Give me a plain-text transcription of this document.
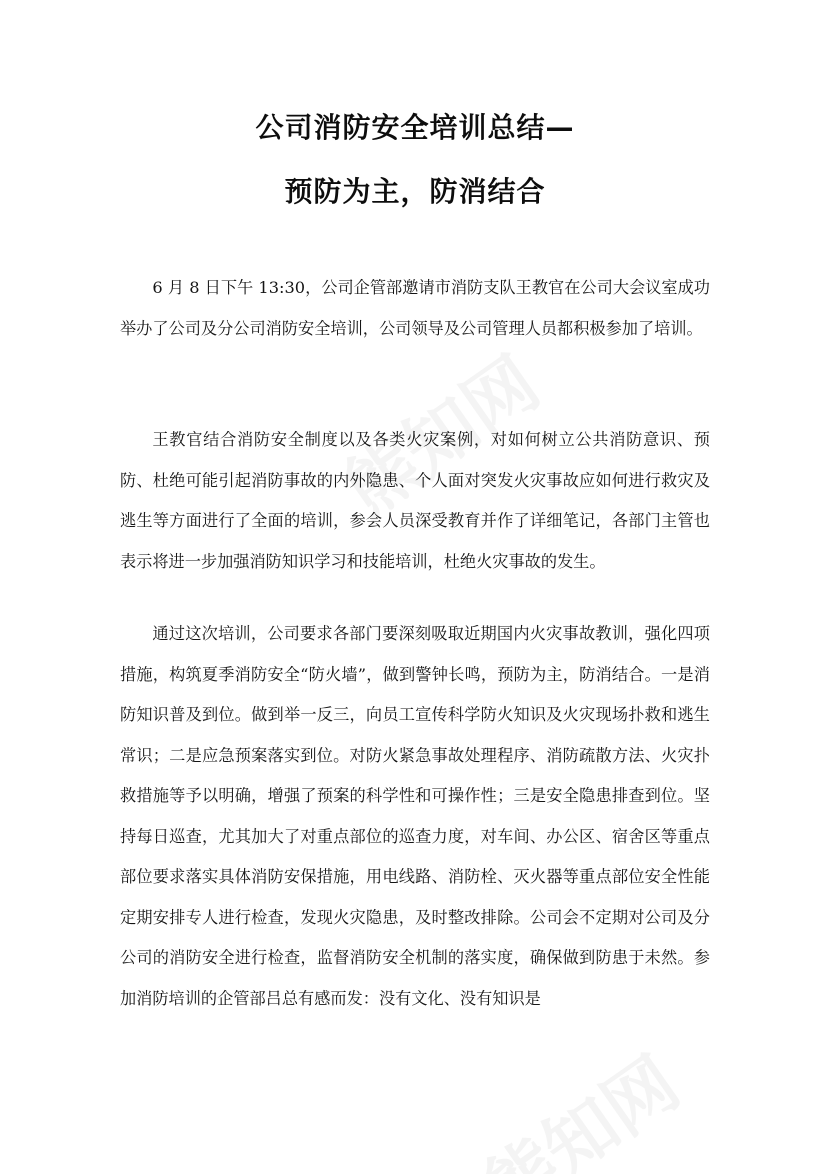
公司消防安全培训总结—
预防为主，防消结合

6 月 8 日下午 13:30，公司企管部邀请市消防支队王教官在公司大会议室成功举办了公司及分公司消防安全培训，公司领导及公司管理人员都积极参加了培训。

王教官结合消防安全制度以及各类火灾案例，对如何树立公共消防意识、预防、杜绝可能引起消防事故的内外隐患、个人面对突发火灾事故应如何进行救灾及逃生等方面进行了全面的培训，参会人员深受教育并作了详细笔记，各部门主管也表示将进一步加强消防知识学习和技能培训，杜绝火灾事故的发生。

通过这次培训，公司要求各部门要深刻吸取近期国内火灾事故教训，强化四项措施，构筑夏季消防安全“防火墙”，做到警钟长鸣，预防为主，防消结合。一是消防知识普及到位。做到举一反三，向员工宣传科学防火知识及火灾现场扑救和逃生常识；二是应急预案落实到位。对防火紧急事故处理程序、消防疏散方法、火灾扑救措施等予以明确，增强了预案的科学性和可操作性；三是安全隐患排查到位。坚持每日巡查，尤其加大了对重点部位的巡查力度，对车间、办公区、宿舍区等重点部位要求落实具体消防安保措施，用电线路、消防栓、灭火器等重点部位安全性能定期安排专人进行检查，发现火灾隐患，及时整改排除。公司会不定期对公司及分公司的消防安全进行检查，监督消防安全机制的落实度，确保做到防患于未然。参加消防培训的企管部吕总有感而发：没有文化、没有知识是
